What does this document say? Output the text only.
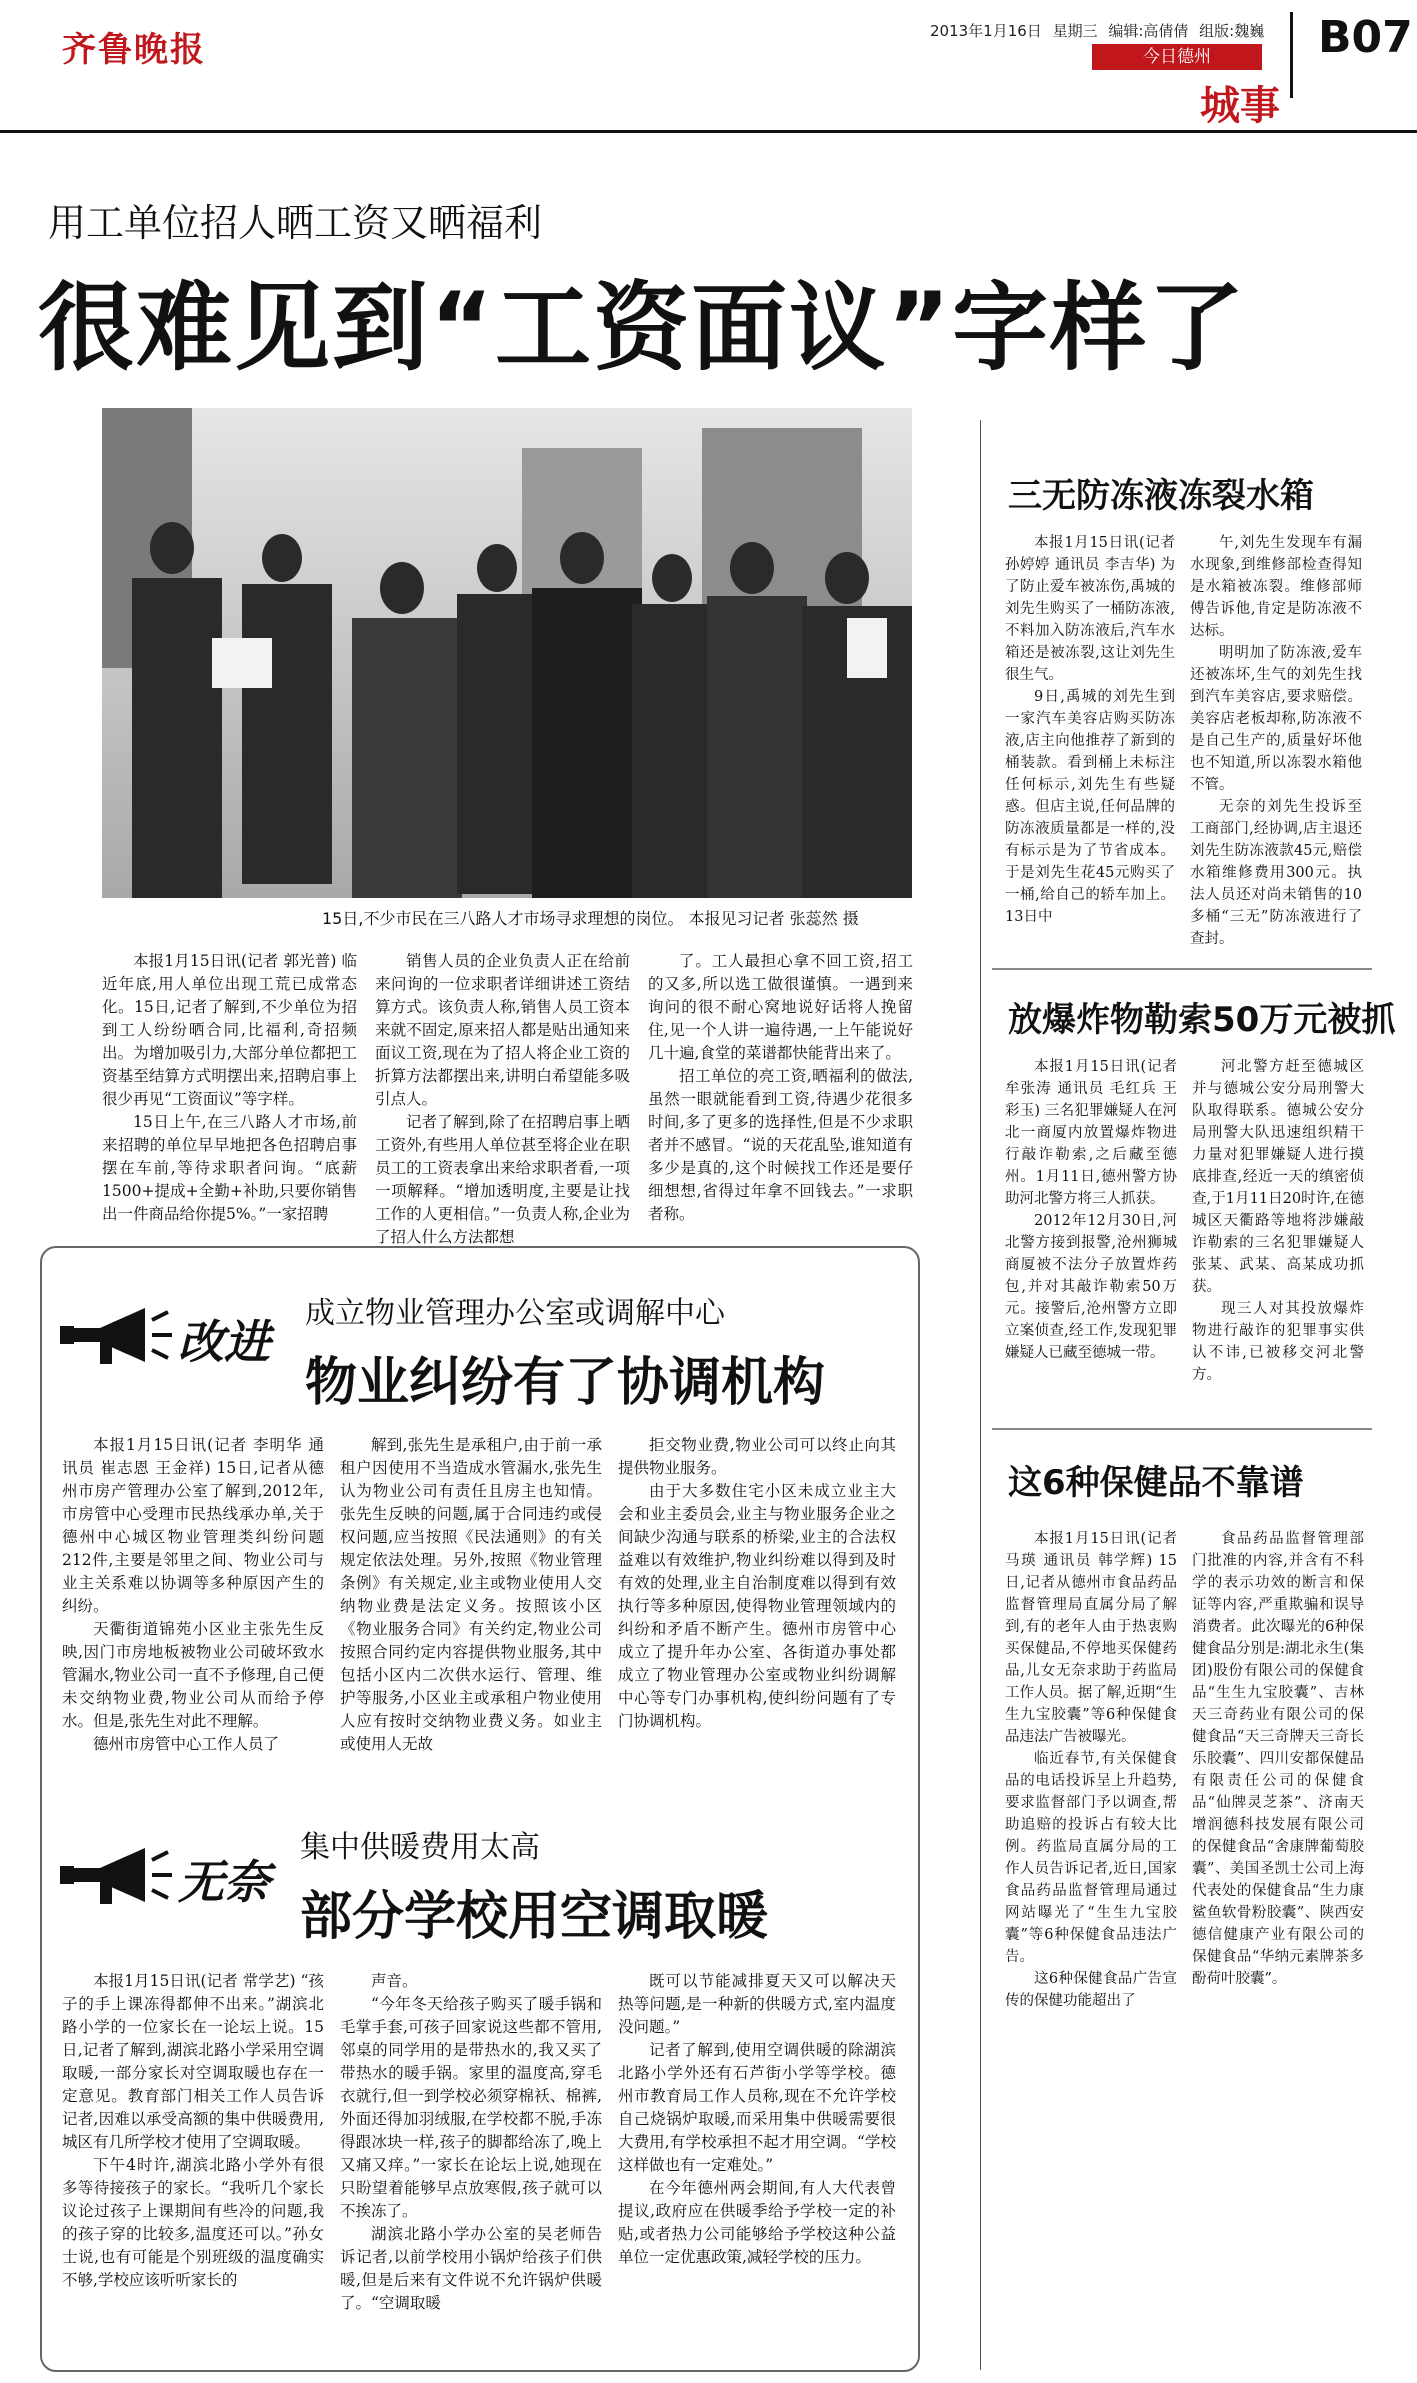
齐鲁晚报	2013年1月16日 星期三 编辑:高倩倩 组版:魏巍 B07
今日德州
城事
用工单位招人晒工资又晒福利
很难见到“工资面议”字样了
15日,不少市民在三八路人才市场寻求理想的岗位。 本报见习记者 张蕊然 摄

本报1月15日讯(记者 郭光普) 临近年底,用人单位出现工荒已成常态化。15日,记者了解到,不少单位为招到工人纷纷晒合同,比福利,奇招频出。为增加吸引力,大部分单位都把工资基至结算方式明摆出来,招聘启事上很少再见“工资面议”等字样。

15日上午,在三八路人才市场,前来招聘的单位早早地把各色招聘启事摆在车前,等待求职者问询。“底薪1500+提成+全勤+补助,只要你销售出一件商品给你提5%。”一家招聘

销售人员的企业负责人正在给前来问询的一位求职者详细讲述工资结算方式。该负责人称,销售人员工资本来就不固定,原来招人都是贴出通知来面议工资,现在为了招人将企业工资的折算方法都摆出来,讲明白希望能多吸引点人。

记者了解到,除了在招聘启事上晒工资外,有些用人单位甚至将企业在职员工的工资表拿出来给求职者看,一项一项解释。“增加透明度,主要是让找工作的人更相信。”一负责人称,企业为了招人什么方法都想

了。工人最担心拿不回工资,招工的又多,所以选工做很谨慎。一遇到来询问的很不耐心窝地说好话将人挽留住,见一个人讲一遍待遇,一上午能说好几十遍,食堂的菜谱都快能背出来了。

招工单位的亮工资,晒福利的做法,虽然一眼就能看到工资,待遇少花很多时间,多了更多的选择性,但是不少求职者并不感冒。“说的天花乱坠,谁知道有多少是真的,这个时候找工作还是要仔细想想,省得过年拿不回钱去。”一求职者称。

三无防冻液冻裂水箱

本报1月15日讯(记者 孙婷婷 通讯员 李吉华) 为了防止爱车被冻伤,禹城的刘先生购买了一桶防冻液,不料加入防冻液后,汽车水箱还是被冻裂,这让刘先生很生气。

9日,禹城的刘先生到一家汽车美容店购买防冻液,店主向他推荐了新到的桶装款。看到桶上未标注任何标示,刘先生有些疑惑。但店主说,任何品牌的防冻液质量都是一样的,没有标示是为了节省成本。于是刘先生花45元购买了一桶,给自己的轿车加上。13日中

午,刘先生发现车有漏水现象,到维修部检查得知是水箱被冻裂。维修部师傅告诉他,肯定是防冻液不达标。

明明加了防冻液,爱车还被冻坏,生气的刘先生找到汽车美容店,要求赔偿。美容店老板却称,防冻液不是自己生产的,质量好坏他也不知道,所以冻裂水箱他不管。

无奈的刘先生投诉至工商部门,经协调,店主退还刘先生防冻液款45元,赔偿水箱维修费用300元。执法人员还对尚未销售的10多桶“三无”防冻液进行了查封。

放爆炸物勒索50万元被抓

本报1月15日讯(记者 牟张涛 通讯员 毛红兵 王彩玉) 三名犯罪嫌疑人在河北一商厦内放置爆炸物进行敲诈勒索,之后藏至德州。1月11日,德州警方协助河北警方将三人抓获。

2012年12月30日,河北警方接到报警,沧州狮城商厦被不法分子放置炸药包,并对其敲诈勒索50万元。接警后,沧州警方立即立案侦查,经工作,发现犯罪嫌疑人已藏至德城一带。

河北警方赶至德城区并与德城公安分局刑警大队取得联系。德城公安分局刑警大队迅速组织精干力量对犯罪嫌疑人进行摸底排查,经近一天的缜密侦查,于1月11日20时许,在德城区天衢路等地将涉嫌敲诈勒索的三名犯罪嫌疑人张某、武某、高某成功抓获。

现三人对其投放爆炸物进行敲诈的犯罪事实供认不讳,已被移交河北警方。

这6种保健品不靠谱

本报1月15日讯(记者 马瑛 通讯员 韩学辉) 15日,记者从德州市食品药品监督管理局直属分局了解到,有的老年人由于热衷购买保健品,不停地买保健药品,儿女无奈求助于药监局工作人员。据了解,近期“生生九宝胶囊”等6种保健食品违法广告被曝光。

临近春节,有关保健食品的电话投诉呈上升趋势,要求监督部门予以调查,帮助追赔的投诉占有较大比例。药监局直属分局的工作人员告诉记者,近日,国家食品药品监督管理局通过网站曝光了“生生九宝胶囊”等6种保健食品违法广告。

这6种保健食品广告宣传的保健功能超出了

食品药品监督管理部门批准的内容,并含有不科学的表示功效的断言和保证等内容,严重欺骗和误导消费者。此次曝光的6种保健食品分别是:湖北永生(集团)股份有限公司的保健食品“生生九宝胶囊”、吉林天三奇药业有限公司的保健食品“天三奇牌天三奇长乐胶囊”、四川安都保健品有限责任公司的保健食品“仙牌灵芝茶”、济南天增润德科技发展有限公司的保健食品“舍康牌葡萄胶囊”、美国圣凯士公司上海代表处的保健食品“生力康鲨鱼软骨粉胶囊”、陕西安德信健康产业有限公司的保健食品“华纳元素牌茶多酚荷叶胶囊”。

改进
成立物业管理办公室或调解中心
物业纠纷有了协调机构

本报1月15日讯(记者 李明华 通讯员 崔志恩 王金祥) 15日,记者从德州市房产管理办公室了解到,2012年,市房管中心受理市民热线承办单,关于德州中心城区物业管理类纠纷问题212件,主要是邻里之间、物业公司与业主关系难以协调等多种原因产生的纠纷。

天衢街道锦苑小区业主张先生反映,因门市房地板被物业公司破坏致水管漏水,物业公司一直不予修理,自己便未交纳物业费,物业公司从而给予停水。但是,张先生对此不理解。

德州市房管中心工作人员了

解到,张先生是承租户,由于前一承租户因使用不当造成水管漏水,张先生认为物业公司有责任且房主也知情。张先生反映的问题,属于合同违约或侵权问题,应当按照《民法通则》的有关规定依法处理。另外,按照《物业管理条例》有关规定,业主或物业使用人交纳物业费是法定义务。按照该小区《物业服务合同》有关约定,物业公司按照合同约定内容提供物业服务,其中包括小区内二次供水运行、管理、维护等服务,小区业主或承租户物业使用人应有按时交纳物业费义务。如业主或使用人无故

拒交物业费,物业公司可以终止向其提供物业服务。

由于大多数住宅小区未成立业主大会和业主委员会,业主与物业服务企业之间缺少沟通与联系的桥梁,业主的合法权益难以有效维护,物业纠纷难以得到及时有效的处理,业主自治制度难以得到有效执行等多种原因,使得物业管理领域内的纠纷和矛盾不断产生。德州市房管中心成立了提升年办公室、各街道办事处都成立了物业管理办公室或物业纠纷调解中心等专门办事机构,使纠纷问题有了专门协调机构。

无奈
集中供暖费用太高
部分学校用空调取暖

本报1月15日讯(记者 常学艺) “孩子的手上课冻得都伸不出来。”湖滨北路小学的一位家长在一论坛上说。15日,记者了解到,湖滨北路小学采用空调取暖,一部分家长对空调取暖也存在一定意见。教育部门相关工作人员告诉记者,因难以承受高额的集中供暖费用,城区有几所学校才使用了空调取暖。

下午4时许,湖滨北路小学外有很多等待接孩子的家长。“我听几个家长议论过孩子上课期间有些冷的问题,我的孩子穿的比较多,温度还可以。”孙女士说,也有可能是个别班级的温度确实不够,学校应该听听家长的

声音。

“今年冬天给孩子购买了暖手锅和毛掌手套,可孩子回家说这些都不管用,邻桌的同学用的是带热水的,我又买了带热水的暖手锅。家里的温度高,穿毛衣就行,但一到学校必须穿棉袄、棉裤,外面还得加羽绒服,在学校都不脱,手冻得跟冰块一样,孩子的脚都给冻了,晚上又痛又痒。”一家长在论坛上说,她现在只盼望着能够早点放寒假,孩子就可以不挨冻了。

湖滨北路小学办公室的吴老师告诉记者,以前学校用小锅炉给孩子们供暖,但是后来有文件说不允许锅炉供暖了。“空调取暖

既可以节能减排夏天又可以解决天热等问题,是一种新的供暖方式,室内温度没问题。”

记者了解到,使用空调供暖的除湖滨北路小学外还有石芦街小学等学校。德州市教育局工作人员称,现在不允许学校自己烧锅炉取暖,而采用集中供暖需要很大费用,有学校承担不起才用空调。“学校这样做也有一定难处。”

在今年德州两会期间,有人大代表曾提议,政府应在供暖季给予学校一定的补贴,或者热力公司能够给予学校这种公益单位一定优惠政策,减轻学校的压力。
